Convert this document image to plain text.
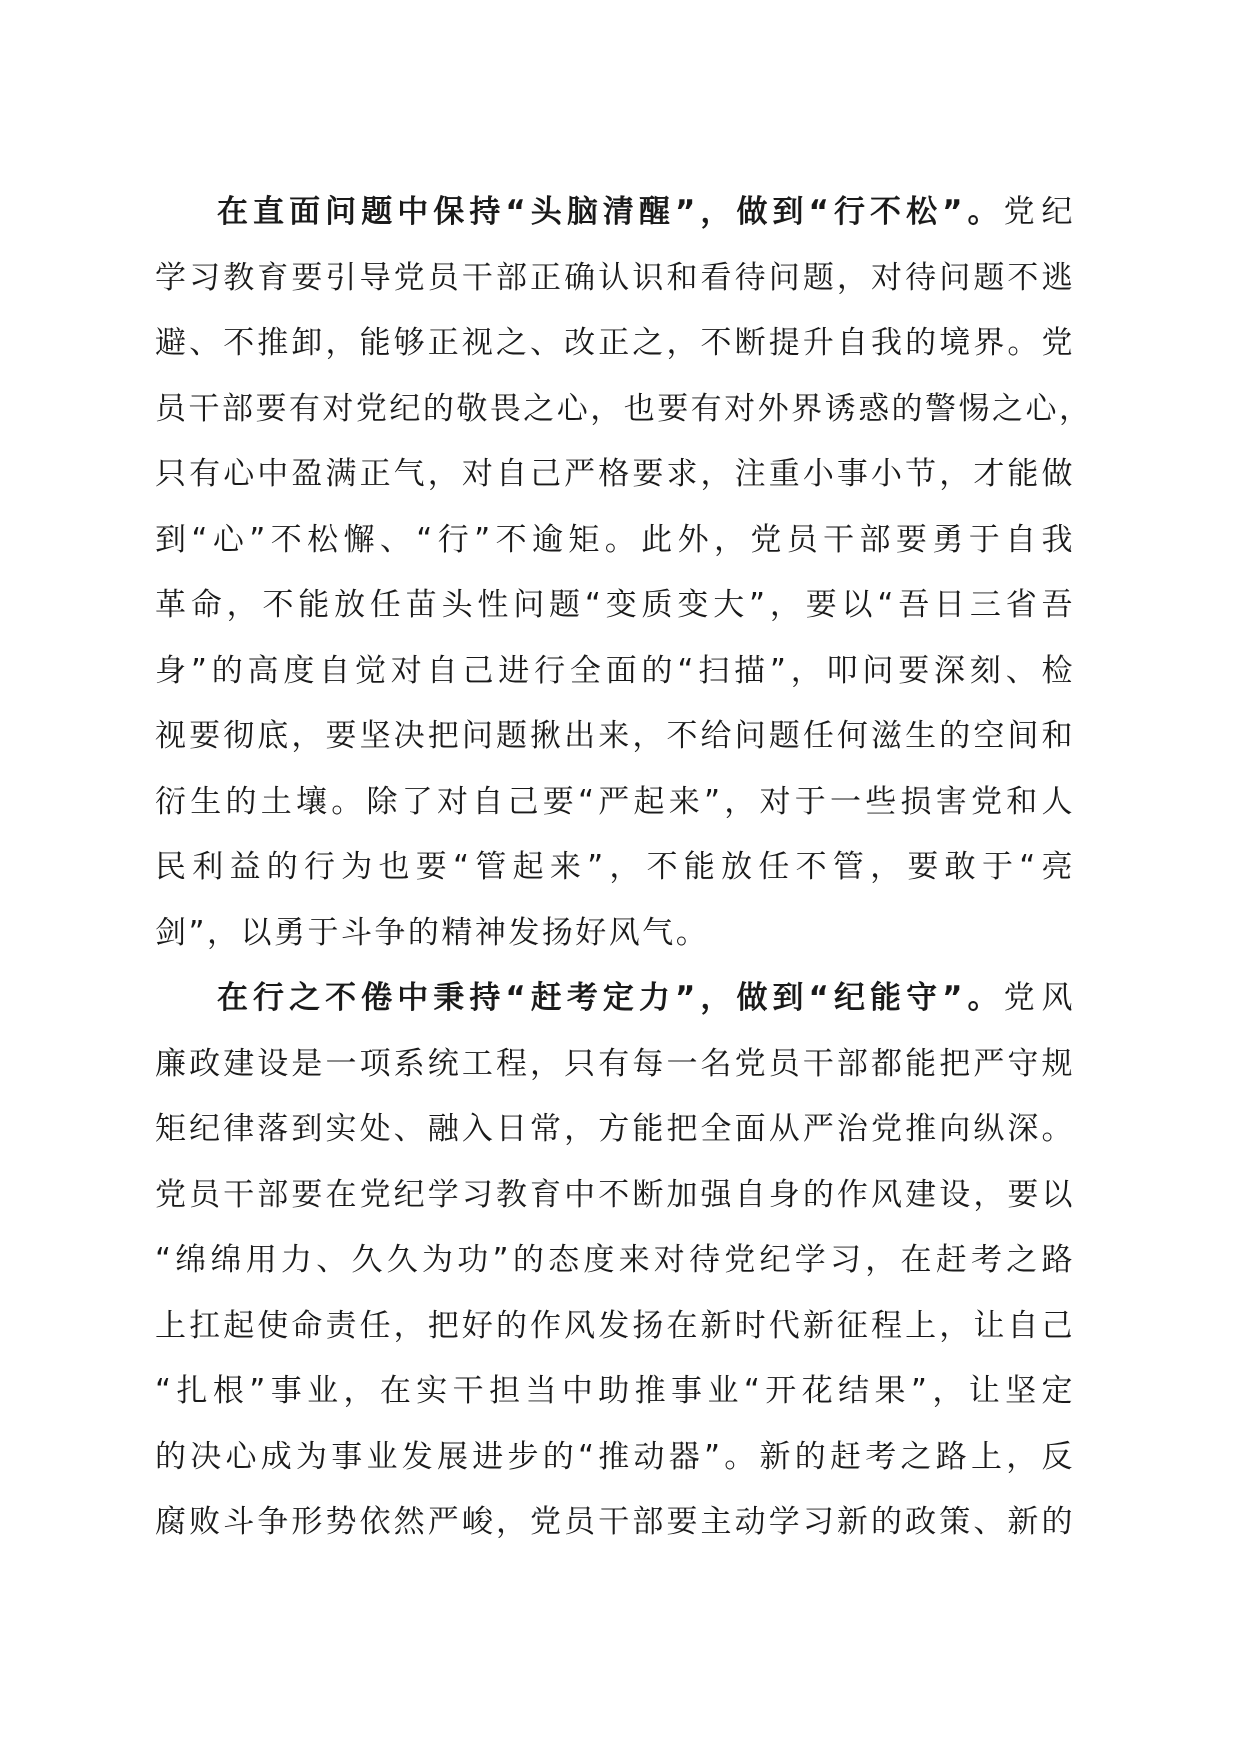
在直面问题中保持“头脑清醒”，做到“行不松”。党纪
学习教育要引导党员干部正确认识和看待问题，对待问题不逃
避、不推卸，能够正视之、改正之，不断提升自我的境界。党
员干部要有对党纪的敬畏之心，也要有对外界诱惑的警惕之心，
只有心中盈满正气，对自己严格要求，注重小事小节，才能做
到“心”不松懈、“行”不逾矩。此外，党员干部要勇于自我
革命，不能放任苗头性问题“变质变大”，要以“吾日三省吾
身”的高度自觉对自己进行全面的“扫描”，叩问要深刻、检
视要彻底，要坚决把问题揪出来，不给问题任何滋生的空间和
衍生的土壤。除了对自己要“严起来”，对于一些损害党和人
民利益的行为也要“管起来”，不能放任不管，要敢于“亮
剑”，以勇于斗争的精神发扬好风气。
在行之不倦中秉持“赶考定力”，做到“纪能守”。党风
廉政建设是一项系统工程，只有每一名党员干部都能把严守规
矩纪律落到实处、融入日常，方能把全面从严治党推向纵深。
党员干部要在党纪学习教育中不断加强自身的作风建设，要以
“绵绵用力、久久为功”的态度来对待党纪学习，在赶考之路
上扛起使命责任，把好的作风发扬在新时代新征程上，让自己
“扎根”事业，在实干担当中助推事业“开花结果”，让坚定
的决心成为事业发展进步的“推动器”。新的赶考之路上，反
腐败斗争形势依然严峻，党员干部要主动学习新的政策、新的
